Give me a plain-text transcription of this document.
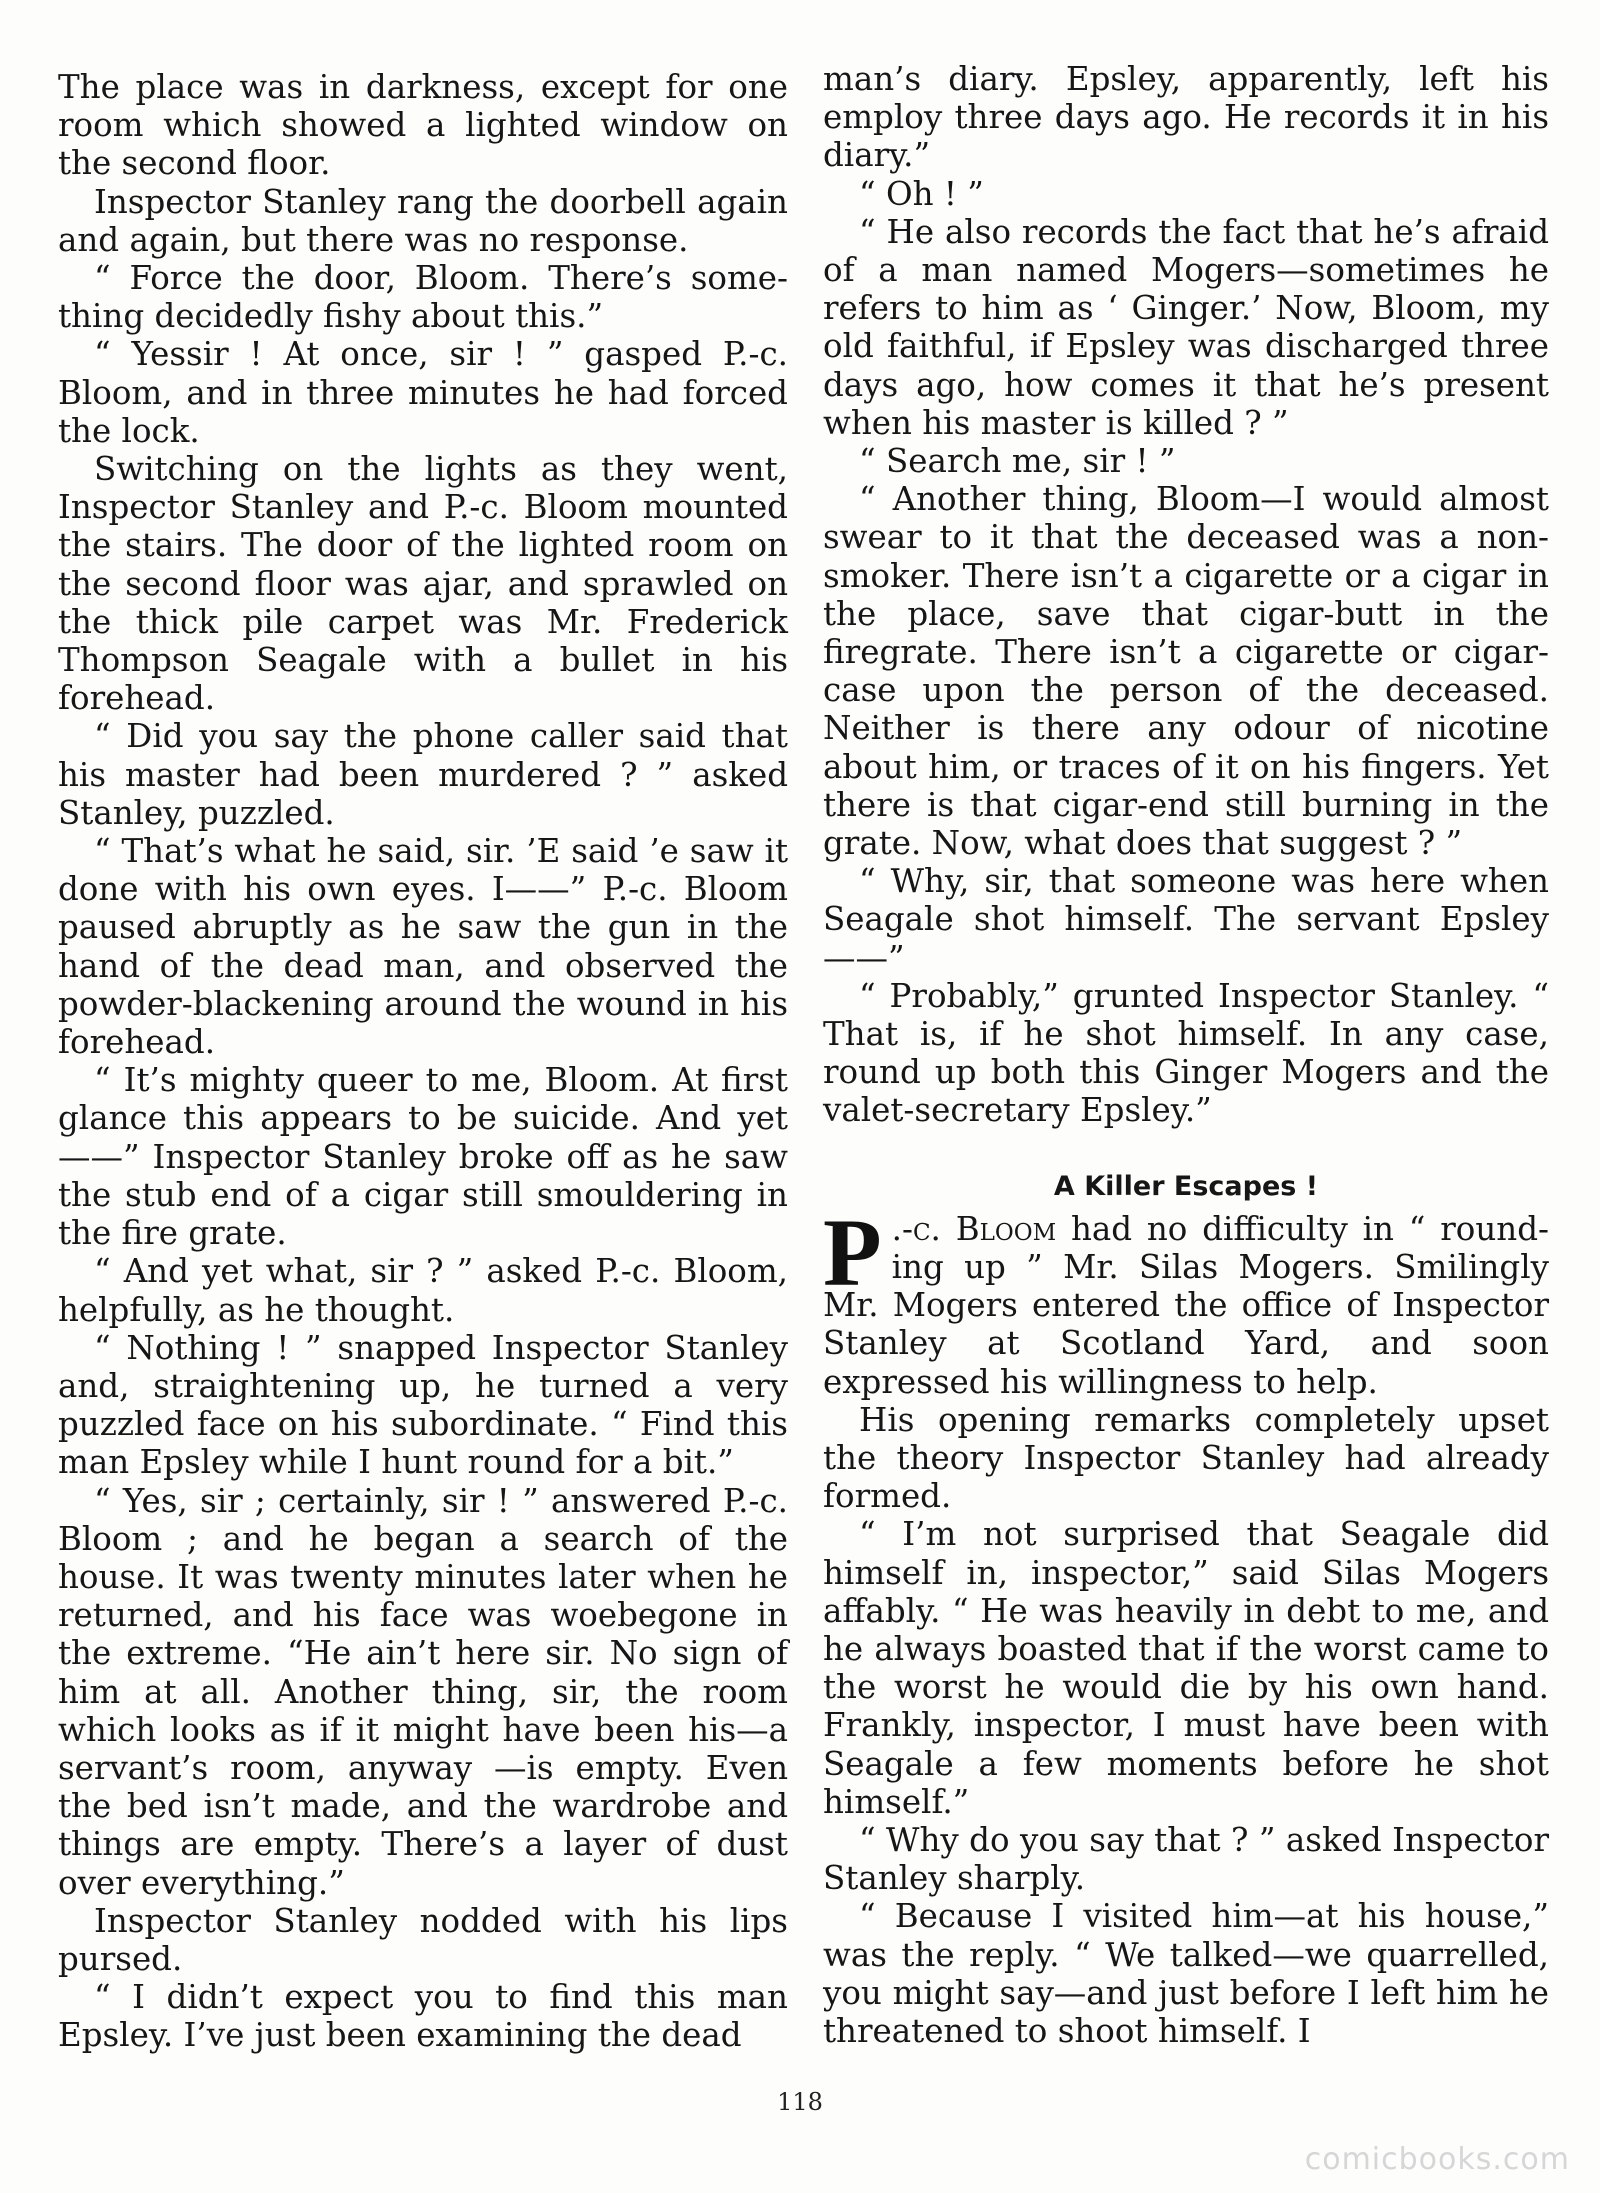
The place was in darkness, except for one room which showed a lighted window on the second floor.

Inspector Stanley rang the doorbell again and again, but there was no response.

“ Force the door, Bloom. There’s something decidedly fishy about this.”

“ Yessir ! At once, sir ! ” gasped P.-c. Bloom, and in three minutes he had forced the lock.

Switching on the lights as they went, Inspector Stanley and P.-c. Bloom mounted the stairs. The door of the lighted room on the second floor was ajar, and sprawled on the thick pile carpet was Mr. Frederick Thompson Seagale with a bullet in his forehead.

“ Did you say the phone caller said that his master had been murdered ? ” asked Stanley, puzzled.

“ That’s what he said, sir. ’E said ’e saw it done with his own eyes. I——” P.-c. Bloom paused abruptly as he saw the gun in the hand of the dead man, and observed the powder-blackening around the wound in his forehead.

“ It’s mighty queer to me, Bloom. At first glance this appears to be suicide. And yet——” Inspector Stanley broke off as he saw the stub end of a cigar still smouldering in the fire grate.

“ And yet what, sir ? ” asked P.-c. Bloom, helpfully, as he thought.

“ Nothing ! ” snapped Inspector Stanley and, straightening up, he turned a very puzzled face on his subordinate. “ Find this man Epsley while I hunt round for a bit.”

“ Yes, sir ; certainly, sir ! ” answered P.-c. Bloom ; and he began a search of the house. It was twenty minutes later when he returned, and his face was woebegone in the extreme. “He ain’t here sir. No sign of him at all. Another thing, sir, the room which looks as if it might have been his—a servant’s room, anyway —is empty. Even the bed isn’t made, and the wardrobe and things are empty. There’s a layer of dust over everything.”

Inspector Stanley nodded with his lips pursed.

“ I didn’t expect you to find this man Epsley. I’ve just been examining the dead

man’s diary. Epsley, apparently, left his employ three days ago. He records it in his diary.”

“ Oh ! ”

“ He also records the fact that he’s afraid of a man named Mogers—sometimes he refers to him as ‘ Ginger.’ Now, Bloom, my old faithful, if Epsley was discharged three days ago, how comes it that he’s present when his master is killed ? ”

“ Search me, sir ! ”

“ Another thing, Bloom—I would almost swear to it that the deceased was a nonsmoker. There isn’t a cigarette or a cigar in the place, save that cigar-butt in the firegrate. There isn’t a cigarette or cigarcase upon the person of the deceased. Neither is there any odour of nicotine about him, or traces of it on his fingers. Yet there is that cigar-end still burning in the grate. Now, what does that suggest ? ”

“ Why, sir, that someone was here when Seagale shot himself. The servant Epsley——”

“ Probably,” grunted Inspector Stanley. “ That is, if he shot himself. In any case, round up both this Ginger Mogers and the valet-secretary Epsley.”

A Killer Escapes !

P .-c. Bloom had no difficulty in “ rounding up ” Mr. Silas Mogers. Smilingly Mr. Mogers entered the office of Inspector Stanley at Scotland Yard, and soon expressed his willingness to help.

His opening remarks completely upset the theory Inspector Stanley had already formed.

“ I’m not surprised that Seagale did himself in, inspector,” said Silas Mogers affably. “ He was heavily in debt to me, and he always boasted that if the worst came to the worst he would die by his own hand. Frankly, inspector, I must have been with Seagale a few moments before he shot himself.”

“ Why do you say that ? ” asked Inspector Stanley sharply.

“ Because I visited him—at his house,” was the reply. “ We talked—we quarrelled, you might say—and just before I left him he threatened to shoot himself. I

118
comicbooks.com
